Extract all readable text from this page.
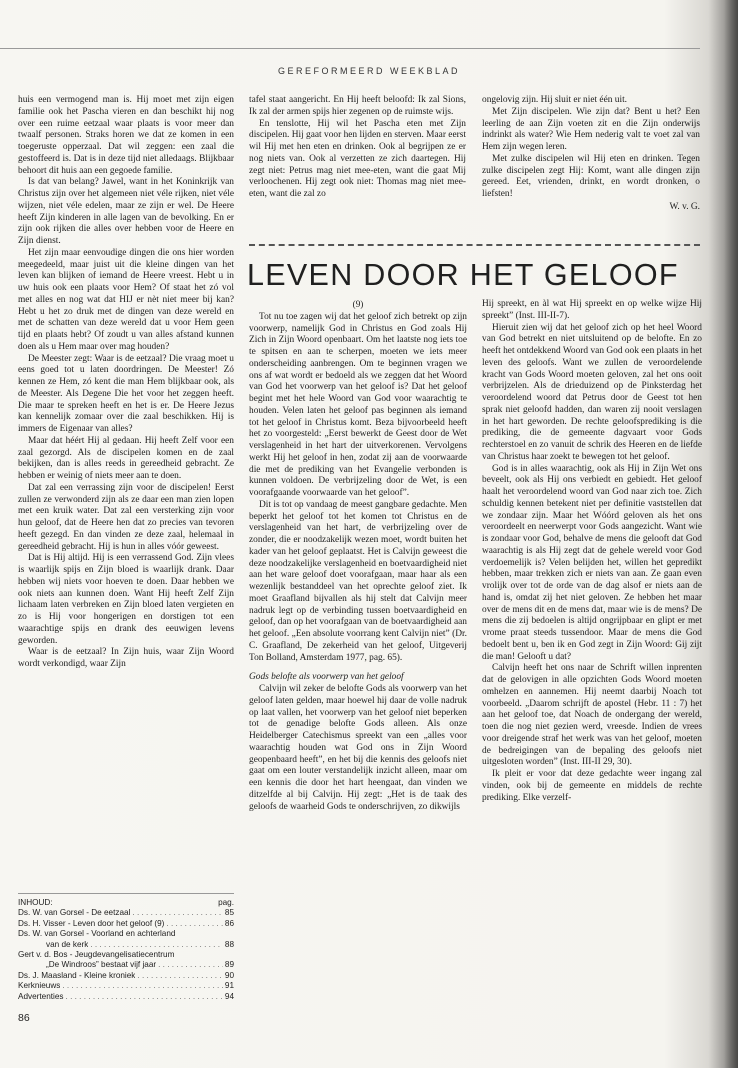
GEREFORMEERD WEEKBLAD

huis een vermogend man is. Hij moet met zijn eigen familie ook het Pascha vieren en dan beschikt hij nog over een ruime eetzaal waar plaats is voor meer dan twaalf personen. Straks horen we dat ze komen in een toegeruste opperzaal. Dat wil zeggen: een zaal die gestoffeerd is. Dat is in deze tijd niet alledaags. Blijkbaar behoort dit huis aan een gegoede familie.

Is dat van belang? Jawel, want in het Koninkrijk van Christus zijn over het algemeen niet véle rijken, niet véle wijzen, niet véle edelen, maar ze zijn er wel. De Heere heeft Zijn kinderen in alle lagen van de bevolking. En er zijn ook rijken die alles over hebben voor de Heere en Zijn dienst.

Het zijn maar eenvoudige dingen die ons hier worden meegedeeld, maar juist uit die kleine dingen van het leven kan blijken of iemand de Heere vreest. Hebt u in uw huis ook een plaats voor Hem? Of staat het zó vol met alles en nog wat dat HIJ er nèt niet meer bij kan? Hebt u het zo druk met de dingen van deze wereld en met de schatten van deze wereld dat u voor Hem geen tijd en plaats hebt? Of zoudt u van alles afstand kunnen doen als u Hem maar over mag houden?

De Meester zegt: Waar is de eetzaal? Die vraag moet u eens goed tot u laten doordringen. De Meester! Zó kennen ze Hem, zó kent die man Hem blijkbaar ook, als de Meester. Als Degene Die het voor het zeggen heeft. Die maar te spreken heeft en het is er. De Heere Jezus kan kennelijk zomaar over die zaal beschikken. Hij is immers de Eigenaar van alles?

Maar dat héért Hij al gedaan. Hij heeft Zelf voor een zaal gezorgd. Als de discipelen komen en de zaal bekijken, dan is alles reeds in gereedheid gebracht. Ze hebben er weinig of niets meer aan te doen.

Dat zal een verrassing zijn voor de discipelen! Eerst zullen ze verwonderd zijn als ze daar een man zien lopen met een kruik water. Dat zal een versterking zijn voor hun geloof, dat de Heere hen dat zo precies van tevoren heeft gezegd. En dan vinden ze deze zaal, helemaal in gereedheid gebracht. Hij is hun in alles vóór geweest.

Dat is Hij altijd. Hij is een verrassend God. Zijn vlees is waarlijk spijs en Zijn bloed is waarlijk drank. Daar hebben wij niets voor hoeven te doen. Daar hebben we ook niets aan kunnen doen. Want Hij heeft Zelf Zijn lichaam laten verbreken en Zijn bloed laten vergieten en zo is Hij voor hongerigen en dorstigen tot een waarachtige spijs en drank des eeuwigen levens geworden.

Waar is de eetzaal? In Zijn huis, waar Zijn Woord wordt verkondigd, waar Zijn

tafel staat aangericht. En Hij heeft beloofd: Ik zal Sions, Ik zal der armen spijs hier zegenen op de ruimste wijs.

En tenslotte, Hij wil het Pascha eten met Zijn discipelen. Hij gaat voor hen lijden en sterven. Maar eerst wil Hij met hen eten en drinken. Ook al begrijpen ze er nog niets van. Ook al verzetten ze zich daartegen. Hij zegt niet: Petrus mag niet mee-eten, want die gaat Mij verloochenen. Hij zegt ook niet: Thomas mag niet mee-eten, want die zal zo

ongelovig zijn. Hij sluit er niet één uit.

Met Zijn discipelen. Wie zijn dat? Bent u het? Een leerling de aan Zijn voeten zit en die Zijn onderwijs indrinkt als water? Wie Hem nederig valt te voet zal van Hem zijn wegen leren.

Met zulke discipelen wil Hij eten en drinken. Tegen zulke discipelen zegt Hij: Komt, want alle dingen zijn gereed. Eet, vrienden, drinkt, en wordt dronken, o liefsten!

W. v. G.
LEVEN DOOR HET GELOOF

(9)

Tot nu toe zagen wij dat het geloof zich betrekt op zijn voorwerp, namelijk God in Christus en God zoals Hij Zich in Zijn Woord openbaart. Om het laatste nog iets toe te spitsen en aan te scherpen, moeten we iets meer onderscheiding aanbrengen. Om te beginnen vragen we ons af wat wordt er bedoeld als we zeggen dat het Woord van God het voorwerp van het geloof is? Dat het geloof begint met het hele Woord van God voor waarachtig te houden. Velen laten het geloof pas beginnen als iemand tot het geloof in Christus komt. Beza bijvoorbeeld heeft het zo voorgesteld: „Eerst bewerkt de Geest door de Wet verslagenheid in het hart der uitverkorenen. Vervolgens werkt Hij het geloof in hen, zodat zij aan de voorwaarde die met de prediking van het Evangelie verbonden is kunnen voldoen. De verbrijzeling door de Wet, is een voorafgaande voorwaarde van het geloof”.

Dit is tot op vandaag de meest gangbare gedachte. Men beperkt het geloof tot het komen tot Christus en de verslagenheid van het hart, de verbrijzeling over de zonder, die er noodzakelijk wezen moet, wordt buiten het kader van het geloof geplaatst. Het is Calvijn geweest die deze noodzakelijke verslagenheid en boetvaardigheid niet aan het ware geloof doet voorafgaan, maar haar als een wezenlijk bestanddeel van het oprechte geloof ziet. Ik moet Graafland bijvallen als hij stelt dat Calvijn meer nadruk legt op de verbinding tussen boetvaardigheid en geloof, dan op het voorafgaan van de boetvaardigheid aan het geloof. „Een absolute voorrang kent Calvijn niet” (Dr. C. Graafland, De zekerheid van het geloof, Uitgeverij Ton Bolland, Amsterdam 1977, pag. 65).

Gods belofte als voorwerp van het geloof

Calvijn wil zeker de belofte Gods als voorwerp van het geloof laten gelden, maar hoewel hij daar de volle nadruk op laat vallen, het voorwerp van het geloof niet beperken tot de genadige belofte Gods alleen. Als onze Heidelberger Catechismus spreekt van een „alles voor waarachtig houden wat God ons in Zijn Woord geopenbaard heeft”, en het bij die kennis des geloofs niet gaat om een louter verstandelijk inzicht alleen, maar om een kennis die door het hart heengaat, dan vinden we ditzelfde al bij Calvijn. Hij zegt: „Het is de taak des geloofs de waarheid Gods te onderschrijven, zo dikwijls

Hij spreekt, en àl wat Hij spreekt en op welke wijze Hij spreekt” (Inst. III-II-7).

Hieruit zien wij dat het geloof zich op het heel Woord van God betrekt en niet uitsluitend op de belofte. En zo heeft het ontdekkend Woord van God ook een plaats in het leven des geloofs. Want we zullen de veroordelende kracht van Gods Woord moeten geloven, zal het ons ooit verbrijzelen. Als de drieduizend op de Pinksterdag het veroordelend woord dat Petrus door de Geest tot hen sprak niet geloofd hadden, dan waren zij nooit verslagen in het hart geworden. De rechte geloofsprediking is die prediking, die de gemeente dagvaart voor Gods rechterstoel en zo vanuit de schrik des Heeren en de liefde van Christus haar zoekt te bewegen tot het geloof.

God is in alles waarachtig, ook als Hij in Zijn Wet ons beveelt, ook als Hij ons verbiedt en gebiedt. Het geloof haalt het veroordelend woord van God naar zich toe. Zich schuldig kennen betekent niet per definitie vaststellen dat we zondaar zijn. Maar het Wóórd geloven als het ons veroordeelt en neerwerpt voor Gods aangezicht. Want wie is zondaar voor God, behalve de mens die gelooft dat God waarachtig is als Hij zegt dat de gehele wereld voor God verdoemelijk is? Velen belijden het, willen het gepredikt hebben, maar trekken zich er niets van aan. Ze gaan even vrolijk over tot de orde van de dag alsof er niets aan de hand is, omdat zij het niet geloven. Ze hebben het maar over de mens dit en de mens dat, maar wie is de mens? De mens die zij bedoelen is altijd ongrijpbaar en glipt er met vrome praat steeds tussendoor. Maar de mens die God bedoelt bent u, ben ik en God zegt in Zijn Woord: Gij zijt die man! Gelooft u dat?

Calvijn heeft het ons naar de Schrift willen inprenten dat de gelovigen in alle opzichten Gods Woord moeten omhelzen en aannemen. Hij neemt daarbij Noach tot voorbeeld. „Daarom schrijft de apostel (Hebr. 11 : 7) het aan het geloof toe, dat Noach de ondergang der wereld, toen die nog niet gezien werd, vreesde. Indien de vrees voor dreigende straf het werk was van het geloof, moeten de bedreigingen van de bepaling des geloofs niet uitgesloten worden” (Inst. III-II 29, 30).

Ik pleit er voor dat deze gedachte weer ingang zal vinden, ook bij de gemeente en middels de rechte prediking. Elke verzelf-

INHOUD:	pag.
Ds. W. van Gorsel - De eetzaal . . .	85
Ds. H. Visser - Leven door het geloof (9) . . .	86
Ds. W. van Gorsel - Voorland en achterland
van de kerk . . .	88
Gert v. d. Bos - Jeugdevangelisatiecentrum
„De Windroos” bestaat vijf jaar . . .	89
Ds. J. Maasland - Kleine kroniek . . .	90
Kerknieuws . . .	91
Advertenties . . .	94
86
